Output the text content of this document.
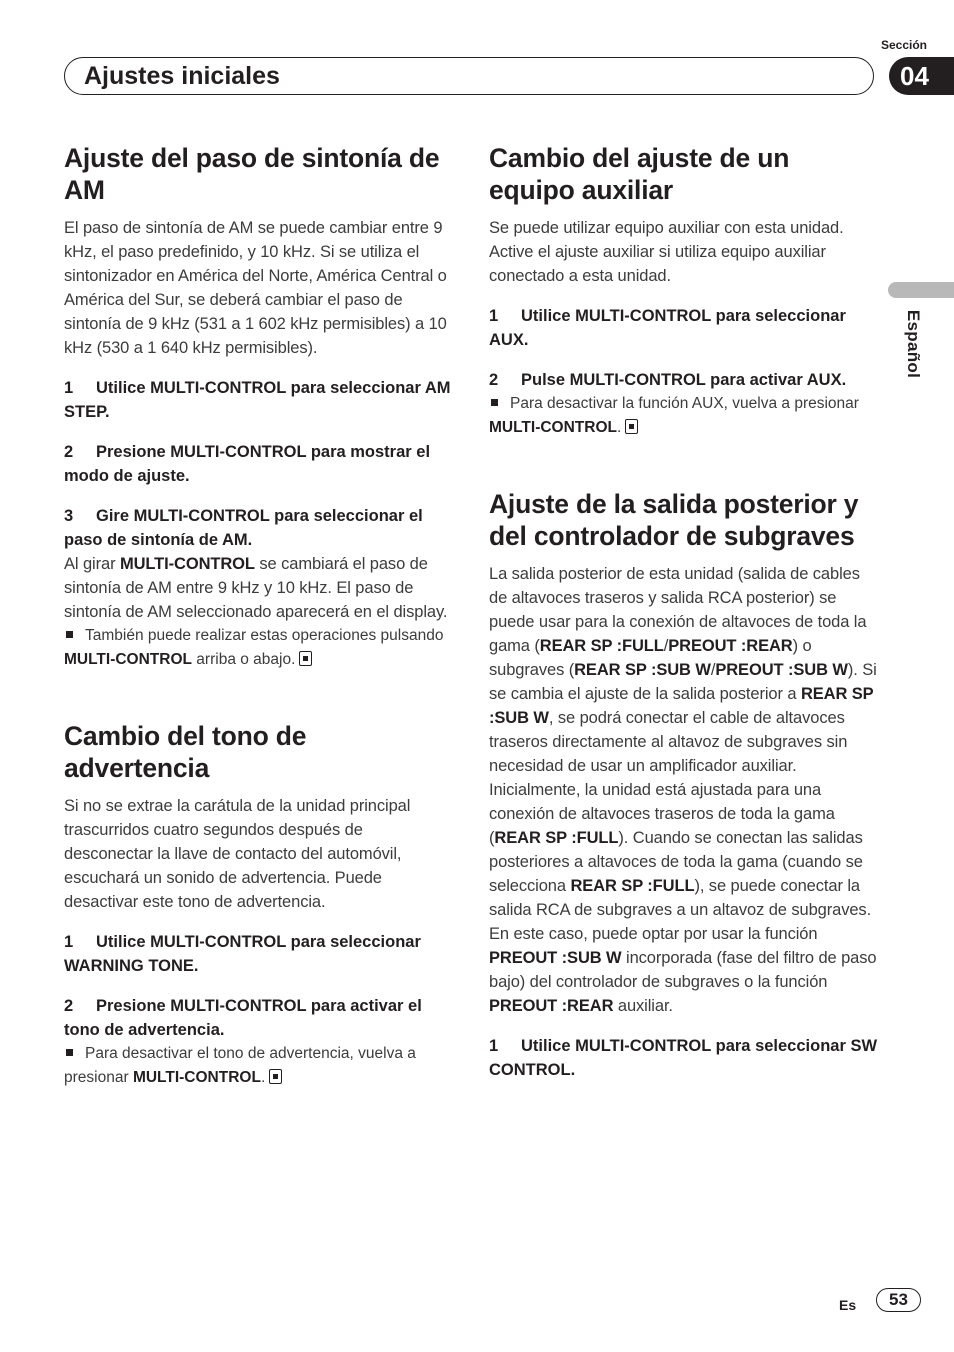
Sección
Ajustes iniciales	04
Español
Ajuste del paso de sintonía de AM

El paso de sintonía de AM se puede cambiar entre 9 kHz, el paso predefinido, y 10 kHz. Si se utiliza el sintonizador en América del Norte, América Central o América del Sur, se deberá cambiar el paso de sintonía de 9 kHz (531 a 1 602 kHz permisibles) a 10 kHz (530 a 1 640 kHz permisibles).

1 Utilice MULTI-CONTROL para seleccionar AM STEP.
2 Presione MULTI-CONTROL para mostrar el modo de ajuste.
3 Gire MULTI-CONTROL para seleccionar el paso de sintonía de AM.

Al girar MULTI-CONTROL se cambiará el paso de sintonía de AM entre 9 kHz y 10 kHz. El paso de sintonía de AM seleccionado aparecerá en el display.

También puede realizar estas operaciones pulsando MULTI-CONTROL arriba o abajo.

Cambio del tono de advertencia

Si no se extrae la carátula de la unidad principal trascurridos cuatro segundos después de desconectar la llave de contacto del automóvil, escuchará un sonido de advertencia. Puede desactivar este tono de advertencia.

1 Utilice MULTI-CONTROL para seleccionar WARNING TONE.
2 Presione MULTI-CONTROL para activar el tono de advertencia.

Para desactivar el tono de advertencia, vuelva a presionar MULTI-CONTROL.

Cambio del ajuste de un equipo auxiliar

Se puede utilizar equipo auxiliar con esta unidad. Active el ajuste auxiliar si utiliza equipo auxiliar conectado a esta unidad.

1 Utilice MULTI-CONTROL para seleccionar AUX.
2 Pulse MULTI-CONTROL para activar AUX.

Para desactivar la función AUX, vuelva a presionar MULTI-CONTROL.

Ajuste de la salida posterior y del controlador de subgraves

La salida posterior de esta unidad (salida de cables de altavoces traseros y salida RCA posterior) se puede usar para la conexión de altavoces de toda la gama (REAR SP :FULL/PREOUT :REAR) o subgraves (REAR SP :SUB W/PREOUT :SUB W). Si se cambia el ajuste de la salida posterior a REAR SP :SUB W, se podrá conectar el cable de altavoces traseros directamente al altavoz de subgraves sin necesidad de usar un amplificador auxiliar.

Inicialmente, la unidad está ajustada para una conexión de altavoces traseros de toda la gama (REAR SP :FULL). Cuando se conectan las salidas posteriores a altavoces de toda la gama (cuando se selecciona REAR SP :FULL), se puede conectar la salida RCA de subgraves a un altavoz de subgraves. En este caso, puede optar por usar la función PREOUT :SUB W incorporada (fase del filtro de paso bajo) del controlador de subgraves o la función PREOUT :REAR auxiliar.

1 Utilice MULTI-CONTROL para seleccionar SW CONTROL.
Es	53
